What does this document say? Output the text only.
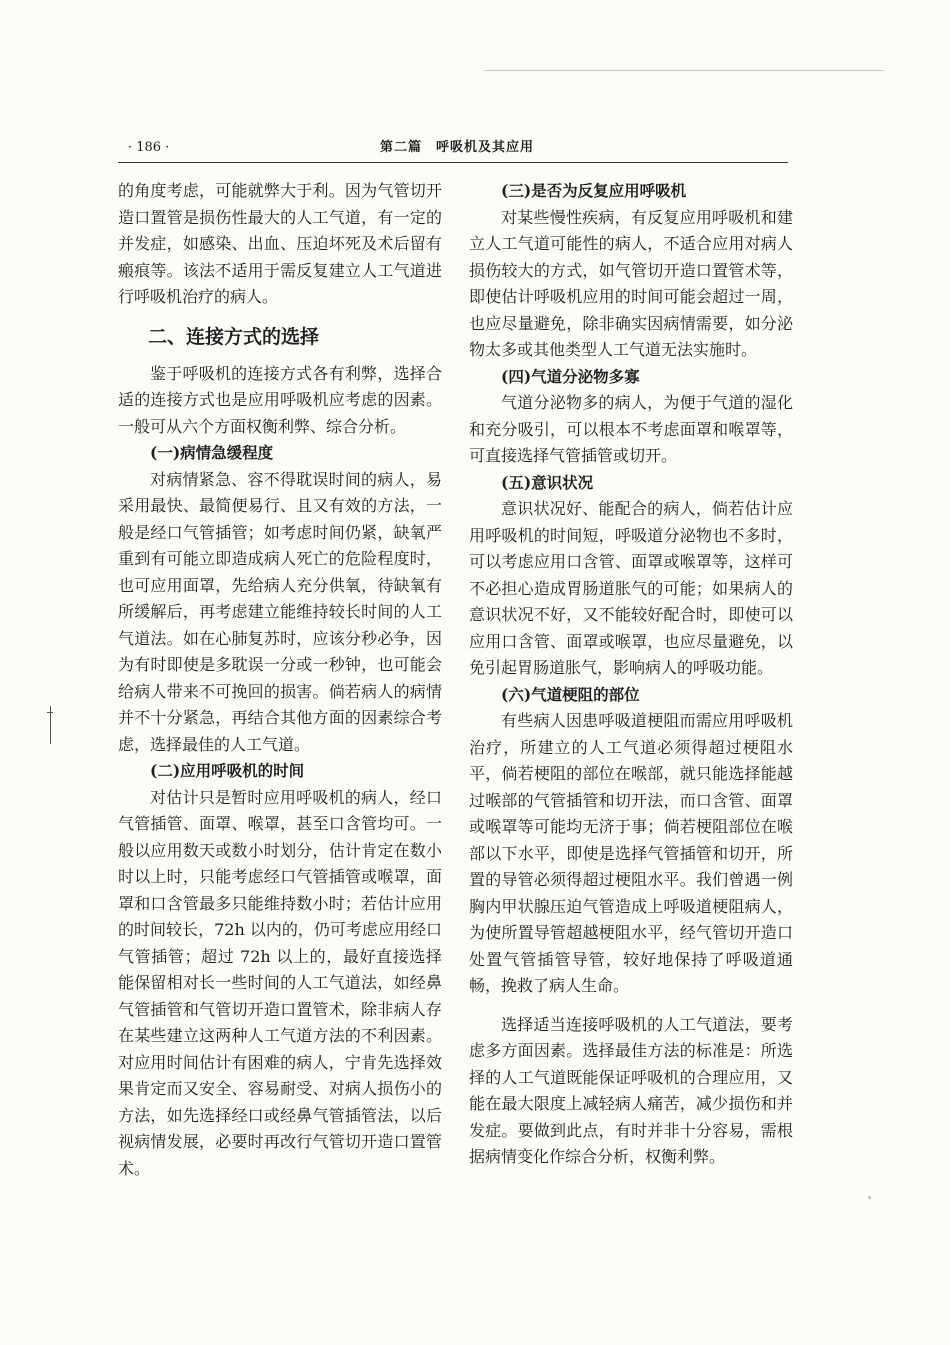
· 186 ·	第二篇　呼吸机及其应用

的角度考虑，可能就弊大于利。因为气管切开造口置管是损伤性最大的人工气道，有一定的并发症，如感染、出血、压迫坏死及术后留有瘢痕等。该法不适用于需反复建立人工气道进行呼吸机治疗的病人。

二、连接方式的选择

鉴于呼吸机的连接方式各有利弊，选择合适的连接方式也是应用呼吸机应考虑的因素。一般可从六个方面权衡利弊、综合分析。

(一)病情急缓程度

对病情紧急、容不得耽误时间的病人，易采用最快、最简便易行、且又有效的方法，一般是经口气管插管；如考虑时间仍紧，缺氧严重到有可能立即造成病人死亡的危险程度时，也可应用面罩，先给病人充分供氧，待缺氧有所缓解后，再考虑建立能维持较长时间的人工气道法。如在心肺复苏时，应该分秒必争，因为有时即使是多耽误一分或一秒钟，也可能会给病人带来不可挽回的损害。倘若病人的病情并不十分紧急，再结合其他方面的因素综合考虑，选择最佳的人工气道。

(二)应用呼吸机的时间

对估计只是暂时应用呼吸机的病人，经口气管插管、面罩、喉罩，甚至口含管均可。一般以应用数天或数小时划分，估计肯定在数小时以上时，只能考虑经口气管插管或喉罩，面罩和口含管最多只能维持数小时；若估计应用的时间较长，72h 以内的，仍可考虑应用经口气管插管；超过 72h 以上的，最好直接选择能保留相对长一些时间的人工气道法，如经鼻气管插管和气管切开造口置管术，除非病人存在某些建立这两种人工气道方法的不利因素。对应用时间估计有困难的病人，宁肯先选择效果肯定而又安全、容易耐受、对病人损伤小的方法，如先选择经口或经鼻气管插管法，以后视病情发展，必要时再改行气管切开造口置管术。

(三)是否为反复应用呼吸机

对某些慢性疾病，有反复应用呼吸机和建立人工气道可能性的病人，不适合应用对病人损伤较大的方式，如气管切开造口置管术等，即使估计呼吸机应用的时间可能会超过一周，也应尽量避免，除非确实因病情需要，如分泌物太多或其他类型人工气道无法实施时。

(四)气道分泌物多寡

气道分泌物多的病人，为便于气道的湿化和充分吸引，可以根本不考虑面罩和喉罩等，可直接选择气管插管或切开。

(五)意识状况

意识状况好、能配合的病人，倘若估计应用呼吸机的时间短，呼吸道分泌物也不多时，可以考虑应用口含管、面罩或喉罩等，这样可不必担心造成胃肠道胀气的可能；如果病人的意识状况不好，又不能较好配合时，即使可以应用口含管、面罩或喉罩，也应尽量避免，以免引起胃肠道胀气，影响病人的呼吸功能。

(六)气道梗阻的部位

有些病人因患呼吸道梗阻而需应用呼吸机治疗，所建立的人工气道必须得超过梗阻水平，倘若梗阻的部位在喉部，就只能选择能越过喉部的气管插管和切开法，而口含管、面罩或喉罩等可能均无济于事；倘若梗阻部位在喉部以下水平，即使是选择气管插管和切开，所置的导管必须得超过梗阻水平。我们曾遇一例胸内甲状腺压迫气管造成上呼吸道梗阻病人，为使所置导管超越梗阻水平，经气管切开造口处置气管插管导管，较好地保持了呼吸道通畅，挽救了病人生命。

选择适当连接呼吸机的人工气道法，要考虑多方面因素。选择最佳方法的标准是：所选择的人工气道既能保证呼吸机的合理应用，又能在最大限度上减轻病人痛苦，减少损伤和并发症。要做到此点，有时并非十分容易，需根据病情变化作综合分析，权衡利弊。
